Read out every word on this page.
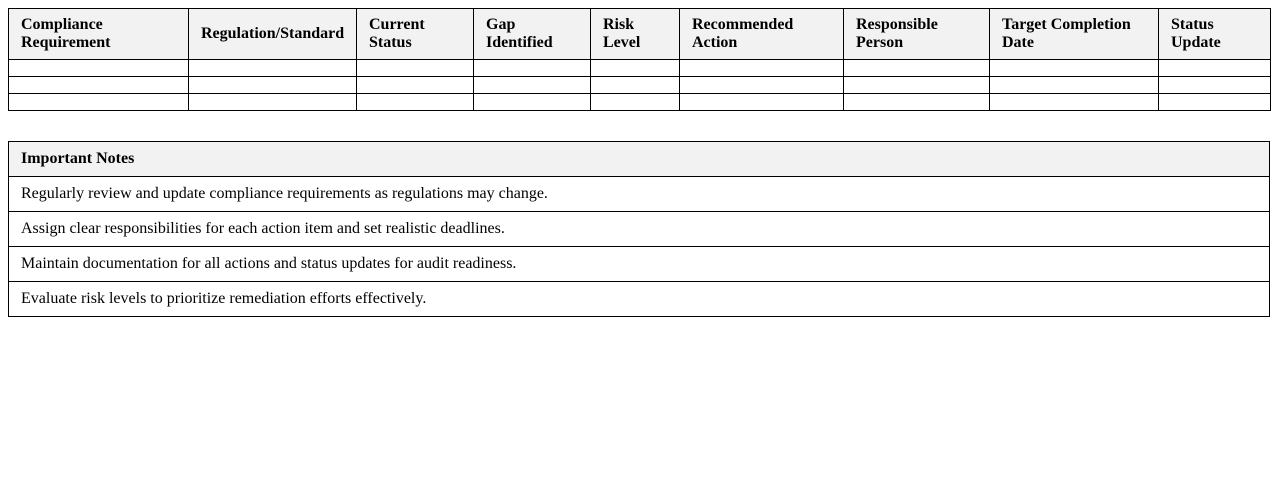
Compliance Requirement	Regulation/Standard	Current Status	Gap Identified	Risk Level	Recommended Action	Responsible Person	Target Completion Date	Status Update

Important Notes
Regularly review and update compliance requirements as regulations may change.
Assign clear responsibilities for each action item and set realistic deadlines.
Maintain documentation for all actions and status updates for audit readiness.
Evaluate risk levels to prioritize remediation efforts effectively.
